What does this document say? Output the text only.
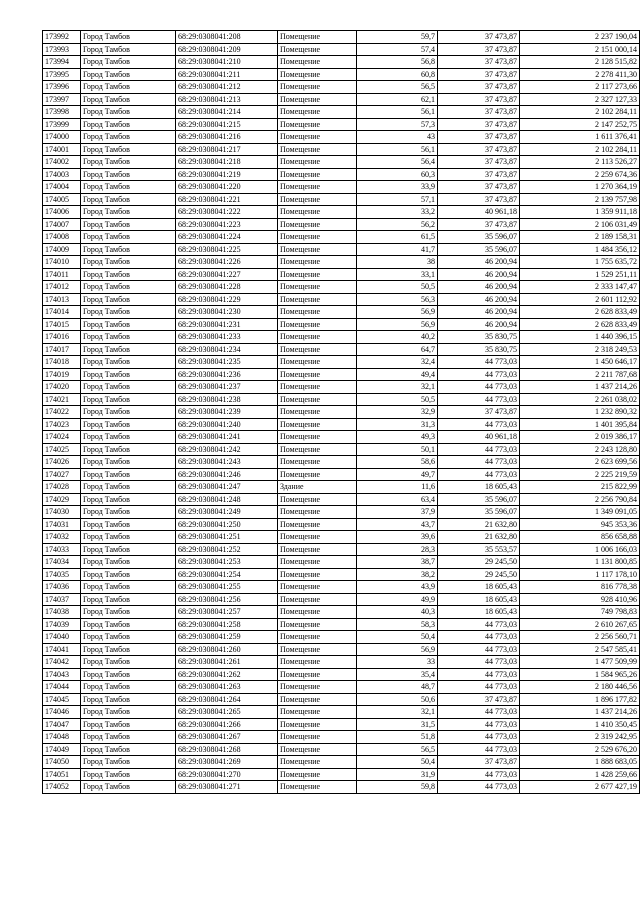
173992	Город Тамбов	68:29:0308041:208	Помещение	59,7	37 473,87	2 237 190,04
173993	Город Тамбов	68:29:0308041:209	Помещение	57,4	37 473,87	2 151 000,14
173994	Город Тамбов	68:29:0308041:210	Помещение	56,8	37 473,87	2 128 515,82
173995	Город Тамбов	68:29:0308041:211	Помещение	60,8	37 473,87	2 278 411,30
173996	Город Тамбов	68:29:0308041:212	Помещение	56,5	37 473,87	2 117 273,66
173997	Город Тамбов	68:29:0308041:213	Помещение	62,1	37 473,87	2 327 127,33
173998	Город Тамбов	68:29:0308041:214	Помещение	56,1	37 473,87	2 102 284,11
173999	Город Тамбов	68:29:0308041:215	Помещение	57,3	37 473,87	2 147 252,75
174000	Город Тамбов	68:29:0308041:216	Помещение	43	37 473,87	1 611 376,41
174001	Город Тамбов	68:29:0308041:217	Помещение	56,1	37 473,87	2 102 284,11
174002	Город Тамбов	68:29:0308041:218	Помещение	56,4	37 473,87	2 113 526,27
174003	Город Тамбов	68:29:0308041:219	Помещение	60,3	37 473,87	2 259 674,36
174004	Город Тамбов	68:29:0308041:220	Помещение	33,9	37 473,87	1 270 364,19
174005	Город Тамбов	68:29:0308041:221	Помещение	57,1	37 473,87	2 139 757,98
174006	Город Тамбов	68:29:0308041:222	Помещение	33,2	40 961,18	1 359 911,18
174007	Город Тамбов	68:29:0308041:223	Помещение	56,2	37 473,87	2 106 031,49
174008	Город Тамбов	68:29:0308041:224	Помещение	61,5	35 596,07	2 189 158,31
174009	Город Тамбов	68:29:0308041:225	Помещение	41,7	35 596,07	1 484 356,12
174010	Город Тамбов	68:29:0308041:226	Помещение	38	46 200,94	1 755 635,72
174011	Город Тамбов	68:29:0308041:227	Помещение	33,1	46 200,94	1 529 251,11
174012	Город Тамбов	68:29:0308041:228	Помещение	50,5	46 200,94	2 333 147,47
174013	Город Тамбов	68:29:0308041:229	Помещение	56,3	46 200,94	2 601 112,92
174014	Город Тамбов	68:29:0308041:230	Помещение	56,9	46 200,94	2 628 833,49
174015	Город Тамбов	68:29:0308041:231	Помещение	56,9	46 200,94	2 628 833,49
174016	Город Тамбов	68:29:0308041:233	Помещение	40,2	35 830,75	1 440 396,15
174017	Город Тамбов	68:29:0308041:234	Помещение	64,7	35 830,75	2 318 249,53
174018	Город Тамбов	68:29:0308041:235	Помещение	32,4	44 773,03	1 450 646,17
174019	Город Тамбов	68:29:0308041:236	Помещение	49,4	44 773,03	2 211 787,68
174020	Город Тамбов	68:29:0308041:237	Помещение	32,1	44 773,03	1 437 214,26
174021	Город Тамбов	68:29:0308041:238	Помещение	50,5	44 773,03	2 261 038,02
174022	Город Тамбов	68:29:0308041:239	Помещение	32,9	37 473,87	1 232 890,32
174023	Город Тамбов	68:29:0308041:240	Помещение	31,3	44 773,03	1 401 395,84
174024	Город Тамбов	68:29:0308041:241	Помещение	49,3	40 961,18	2 019 386,17
174025	Город Тамбов	68:29:0308041:242	Помещение	50,1	44 773,03	2 243 128,80
174026	Город Тамбов	68:29:0308041:243	Помещение	58,6	44 773,03	2 623 699,56
174027	Город Тамбов	68:29:0308041:246	Помещение	49,7	44 773,03	2 225 219,59
174028	Город Тамбов	68:29:0308041:247	Здание	11,6	18 605,43	215 822,99
174029	Город Тамбов	68:29:0308041:248	Помещение	63,4	35 596,07	2 256 790,84
174030	Город Тамбов	68:29:0308041:249	Помещение	37,9	35 596,07	1 349 091,05
174031	Город Тамбов	68:29:0308041:250	Помещение	43,7	21 632,80	945 353,36
174032	Город Тамбов	68:29:0308041:251	Помещение	39,6	21 632,80	856 658,88
174033	Город Тамбов	68:29:0308041:252	Помещение	28,3	35 553,57	1 006 166,03
174034	Город Тамбов	68:29:0308041:253	Помещение	38,7	29 245,50	1 131 800,85
174035	Город Тамбов	68:29:0308041:254	Помещение	38,2	29 245,50	1 117 178,10
174036	Город Тамбов	68:29:0308041:255	Помещение	43,9	18 605,43	816 778,38
174037	Город Тамбов	68:29:0308041:256	Помещение	49,9	18 605,43	928 410,96
174038	Город Тамбов	68:29:0308041:257	Помещение	40,3	18 605,43	749 798,83
174039	Город Тамбов	68:29:0308041:258	Помещение	58,3	44 773,03	2 610 267,65
174040	Город Тамбов	68:29:0308041:259	Помещение	50,4	44 773,03	2 256 560,71
174041	Город Тамбов	68:29:0308041:260	Помещение	56,9	44 773,03	2 547 585,41
174042	Город Тамбов	68:29:0308041:261	Помещение	33	44 773,03	1 477 509,99
174043	Город Тамбов	68:29:0308041:262	Помещение	35,4	44 773,03	1 584 965,26
174044	Город Тамбов	68:29:0308041:263	Помещение	48,7	44 773,03	2 180 446,56
174045	Город Тамбов	68:29:0308041:264	Помещение	50,6	37 473,87	1 896 177,82
174046	Город Тамбов	68:29:0308041:265	Помещение	32,1	44 773,03	1 437 214,26
174047	Город Тамбов	68:29:0308041:266	Помещение	31,5	44 773,03	1 410 350,45
174048	Город Тамбов	68:29:0308041:267	Помещение	51,8	44 773,03	2 319 242,95
174049	Город Тамбов	68:29:0308041:268	Помещение	56,5	44 773,03	2 529 676,20
174050	Город Тамбов	68:29:0308041:269	Помещение	50,4	37 473,87	1 888 683,05
174051	Город Тамбов	68:29:0308041:270	Помещение	31,9	44 773,03	1 428 259,66
174052	Город Тамбов	68:29:0308041:271	Помещение	59,8	44 773,03	2 677 427,19
